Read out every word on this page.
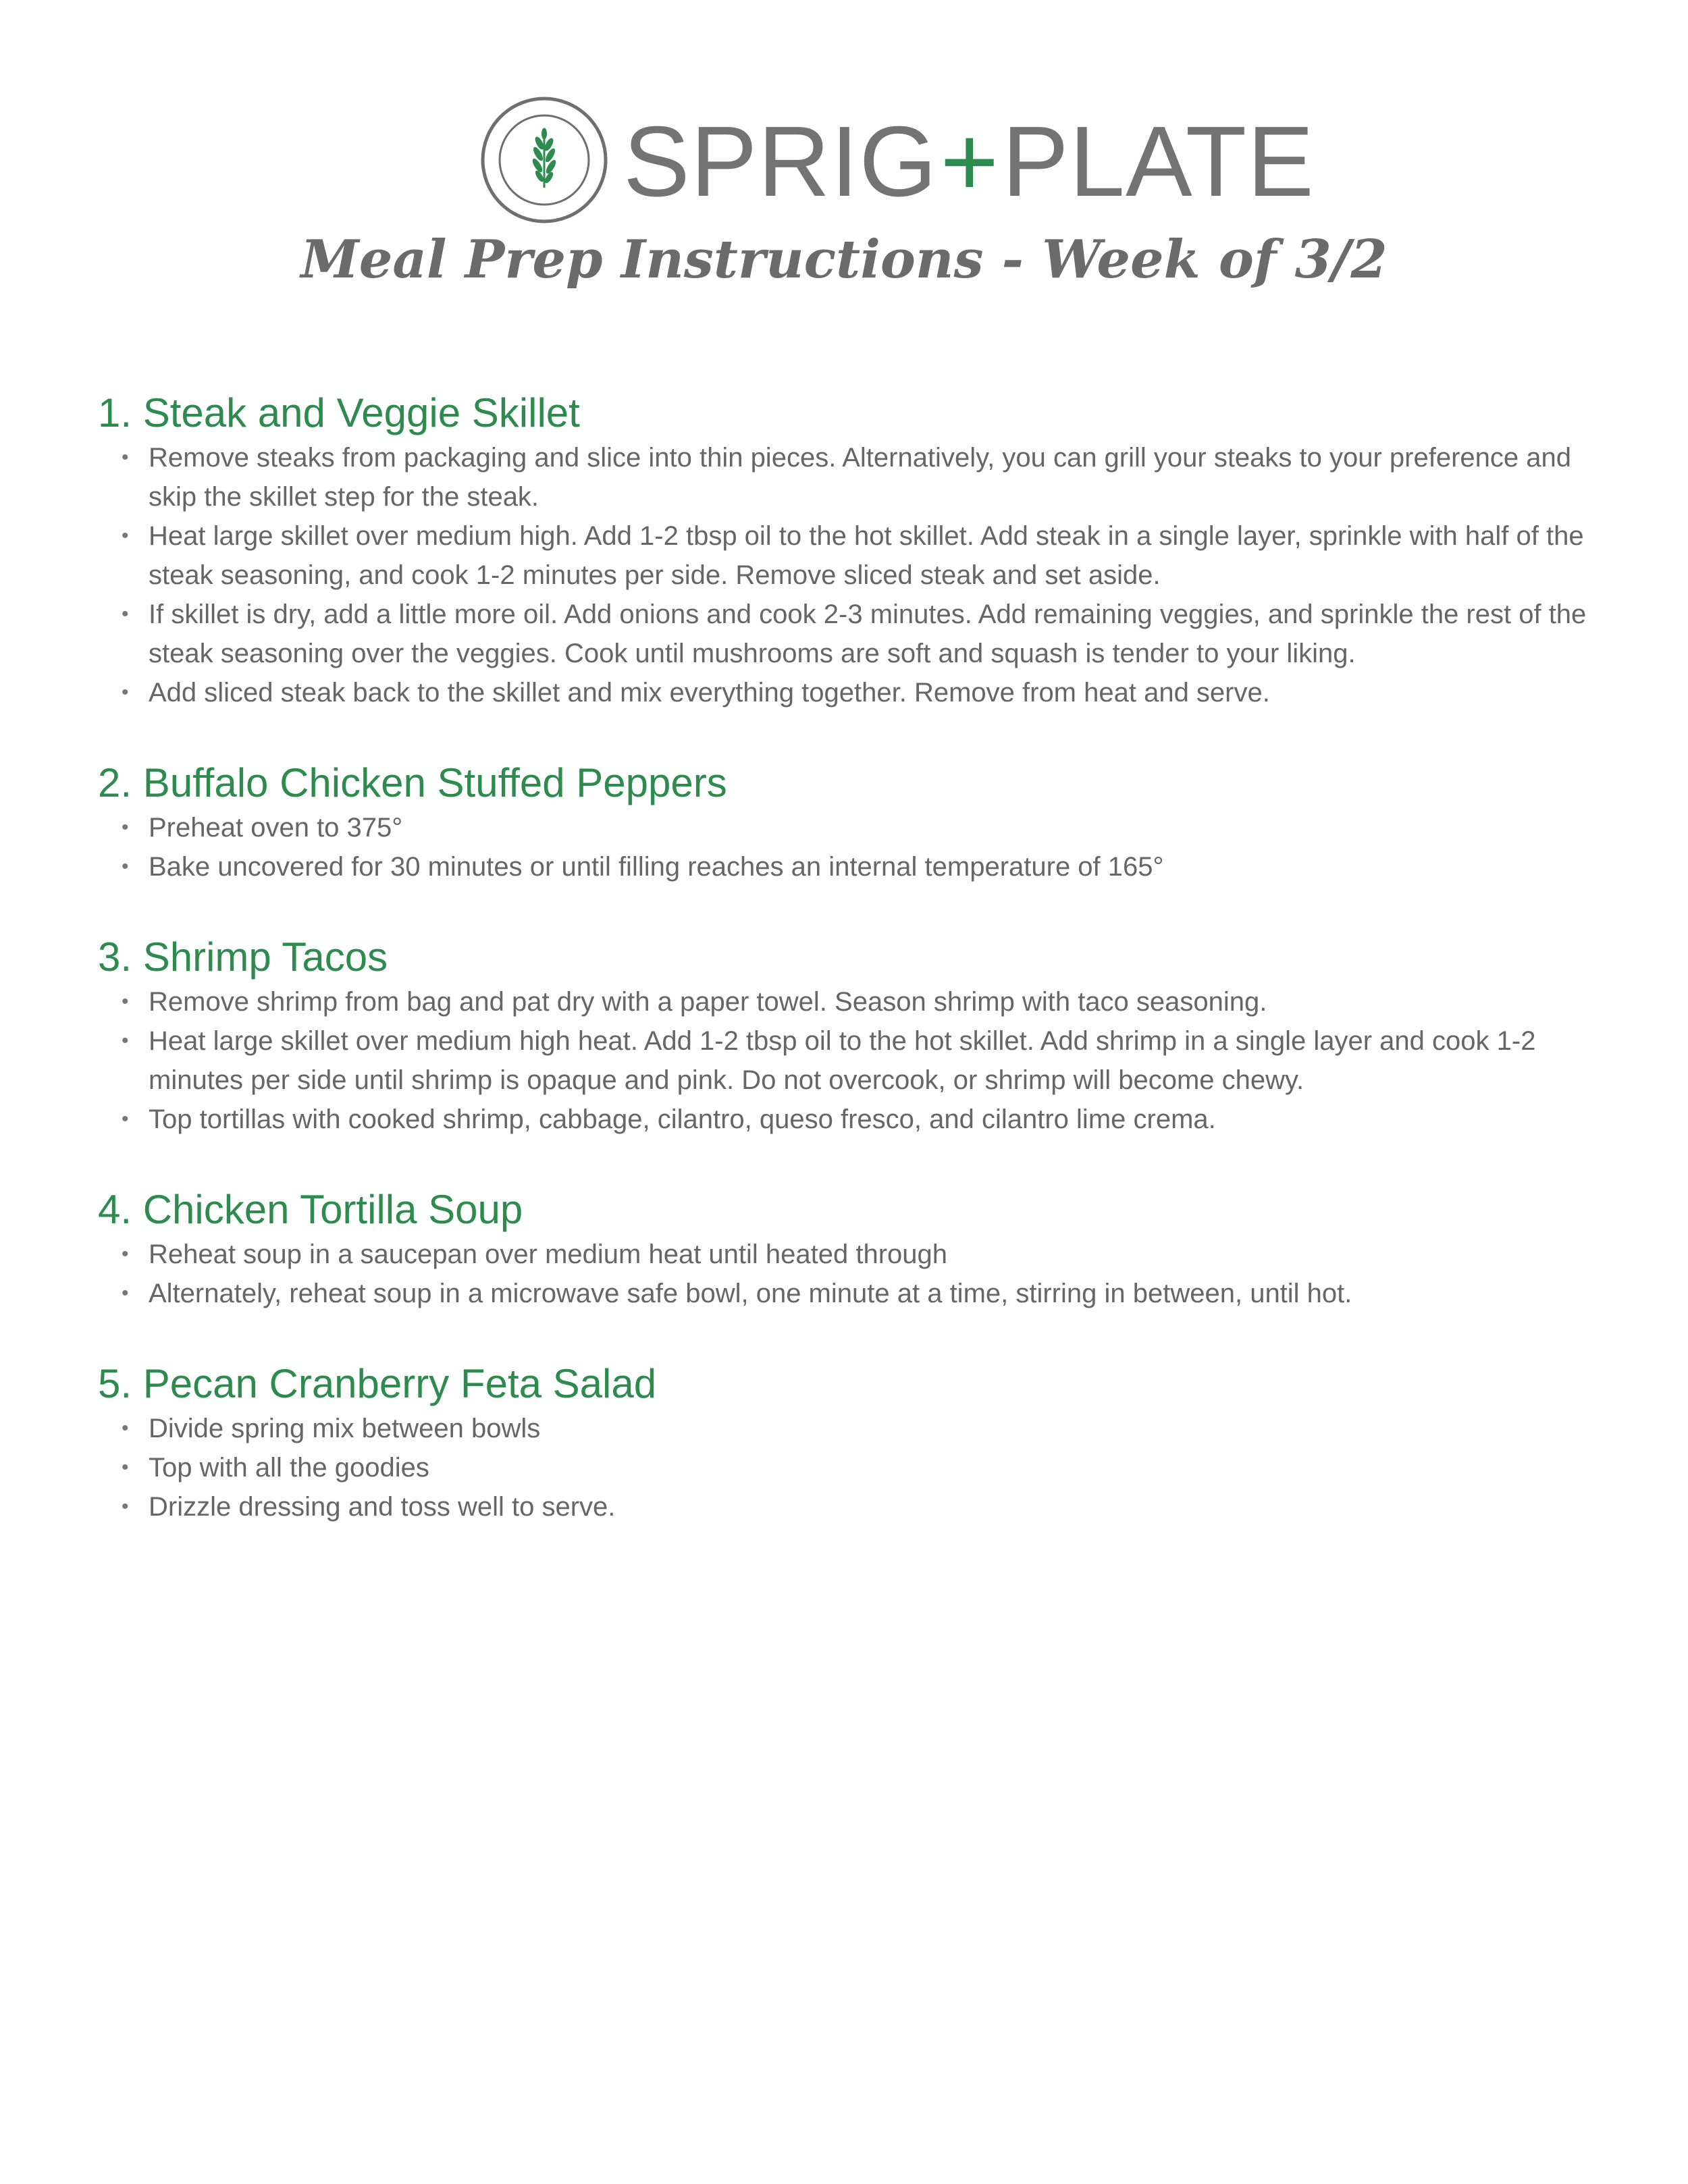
SPRIG+PLATE
Meal Prep Instructions - Week of 3/2
1. Steak and Veggie Skillet
• Remove steaks from packaging and slice into thin pieces. Alternatively, you can grill your steaks to your preference and skip the skillet step for the steak.
• Heat large skillet over medium high. Add 1-2 tbsp oil to the hot skillet. Add steak in a single layer, sprinkle with half of the steak seasoning, and cook 1-2 minutes per side. Remove sliced steak and set aside.
• If skillet is dry, add a little more oil. Add onions and cook 2-3 minutes. Add remaining veggies, and sprinkle the rest of the steak seasoning over the veggies. Cook until mushrooms are soft and squash is tender to your liking.
• Add sliced steak back to the skillet and mix everything together. Remove from heat and serve.
2. Buffalo Chicken Stuffed Peppers
• Preheat oven to 375°
• Bake uncovered for 30 minutes or until filling reaches an internal temperature of 165°
3. Shrimp Tacos
• Remove shrimp from bag and pat dry with a paper towel. Season shrimp with taco seasoning.
• Heat large skillet over medium high heat. Add 1-2 tbsp oil to the hot skillet. Add shrimp in a single layer and cook 1-2 minutes per side until shrimp is opaque and pink. Do not overcook, or shrimp will become chewy.
• Top tortillas with cooked shrimp, cabbage, cilantro, queso fresco, and cilantro lime crema.
4. Chicken Tortilla Soup
• Reheat soup in a saucepan over medium heat until heated through
• Alternately, reheat soup in a microwave safe bowl, one minute at a time, stirring in between, until hot.
5. Pecan Cranberry Feta Salad
• Divide spring mix between bowls
• Top with all the goodies
• Drizzle dressing and toss well to serve.
